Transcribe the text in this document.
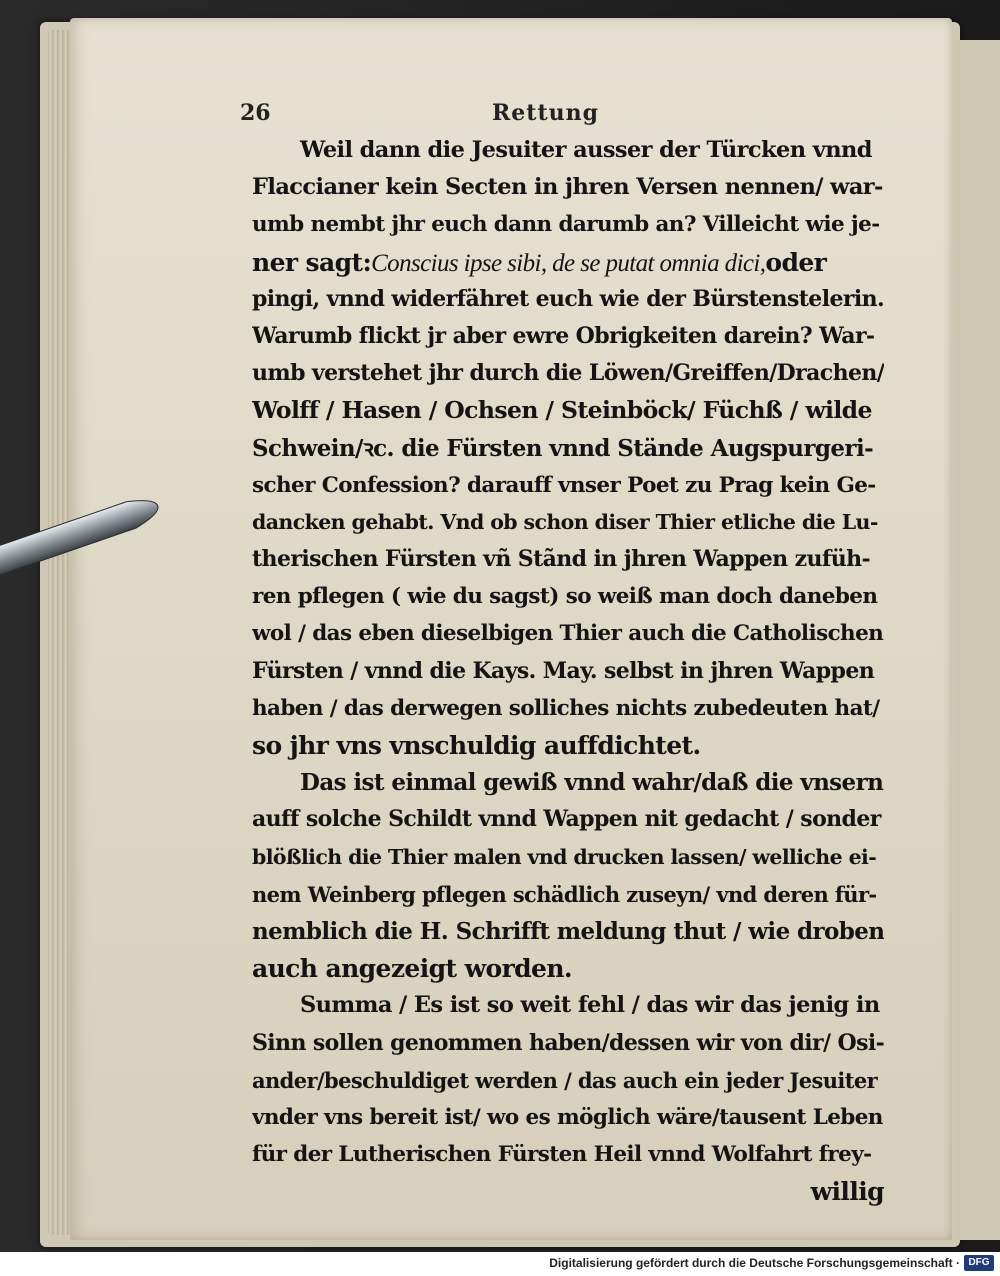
26	Rettung
Weil dann die Jesuiter ausser der Türcken vnnd
Flaccianer kein Secten in jhren Versen nennen/ war-
umb nembt jhr euch dann darumb an? Villeicht wie je-
ner sagt:Conscius ipse sibi, de se putat omnia dici,oder
pingi, vnnd widerfähret euch wie der Bürstenstelerin.
Warumb flickt jr aber ewre Obrigkeiten darein? War-
umb verstehet jhr durch die Löwen/Greiffen/Drachen/
Wolff / Hasen / Ochsen / Steinböck/ Füchß / wilde
Schwein/ꝛc. die Fürsten vnnd Stände Augspurgeri-
scher Confession? darauff vnser Poet zu Prag kein Ge-
dancken gehabt. Vnd ob schon diser Thier etliche die Lu-
therischen Fürsten vñ Stãnd in jhren Wappen zufüh-
ren pflegen ( wie du sagst) so weiß man doch daneben
wol / das eben dieselbigen Thier auch die Catholischen
Fürsten / vnnd die Kays. May. selbst in jhren Wappen
haben / das derwegen solliches nichts zubedeuten hat/
so jhr vns vnschuldig auffdichtet.
Das ist einmal gewiß vnnd wahr/daß die vnsern
auff solche Schildt vnnd Wappen nit gedacht / sonder
blößlich die Thier malen vnd drucken lassen/ welliche ei-
nem Weinberg pflegen schädlich zuseyn/ vnd deren für-
nemblich die H. Schrifft meldung thut / wie droben
auch angezeigt worden.
Summa / Es ist so weit fehl / das wir das jenig in
Sinn sollen genommen haben/dessen wir von dir/ Osi-
ander/beschuldiget werden / das auch ein jeder Jesuiter
vnder vns bereit ist/ wo es möglich wäre/tausent Leben
für der Lutherischen Fürsten Heil vnnd Wolfahrt frey-
willig
Digitalisierung gefördert durch die Deutsche Forschungsgemeinschaft · DFG
